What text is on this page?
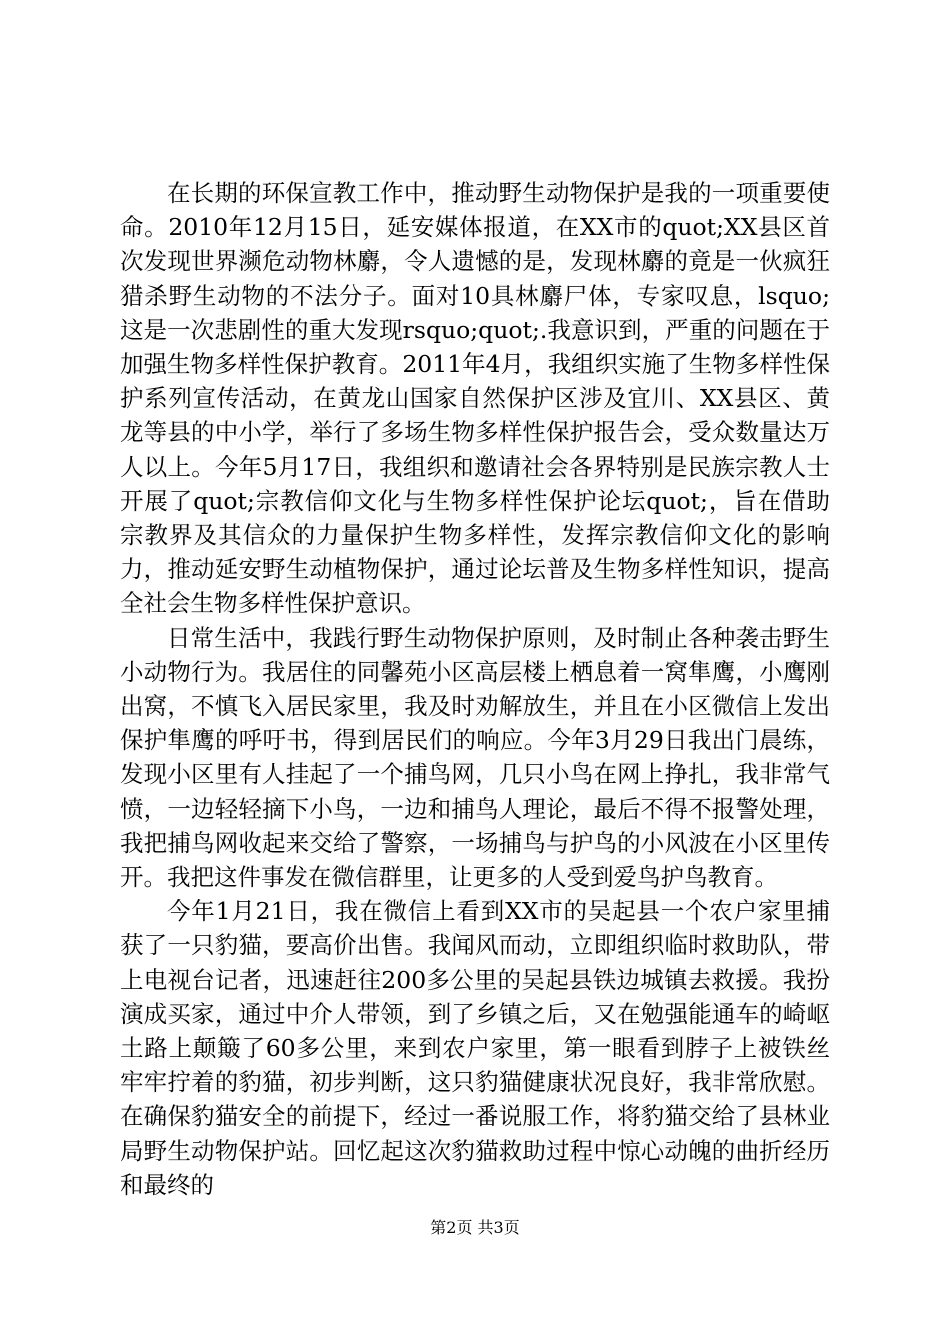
在长期的环保宣教工作中，推动野生动物保护是我的一项重要使命。2010年12月15日，延安媒体报道，在XX市的quot;XX县区首次发现世界濒危动物林麝，令人遗憾的是，发现林麝的竟是一伙疯狂猎杀野生动物的不法分子。面对10具林麝尸体，专家叹息，lsquo;这是一次悲剧性的重大发现rsquo;quot;.我意识到，严重的问题在于加强生物多样性保护教育。2011年4月，我组织实施了生物多样性保护系列宣传活动，在黄龙山国家自然保护区涉及宜川、XX县区、黄龙等县的中小学，举行了多场生物多样性保护报告会，受众数量达万人以上。今年5月17日，我组织和邀请社会各界特别是民族宗教人士开展了quot;宗教信仰文化与生物多样性保护论坛quot;，旨在借助宗教界及其信众的力量保护生物多样性，发挥宗教信仰文化的影响力，推动延安野生动植物保护，通过论坛普及生物多样性知识，提高全社会生物多样性保护意识。

日常生活中，我践行野生动物保护原则，及时制止各种袭击野生小动物行为。我居住的同馨苑小区高层楼上栖息着一窝隼鹰，小鹰刚出窝，不慎飞入居民家里，我及时劝解放生，并且在小区微信上发出保护隼鹰的呼吁书，得到居民们的响应。今年3月29日我出门晨练，发现小区里有人挂起了一个捕鸟网，几只小鸟在网上挣扎，我非常气愤，一边轻轻摘下小鸟，一边和捕鸟人理论，最后不得不报警处理，我把捕鸟网收起来交给了警察，一场捕鸟与护鸟的小风波在小区里传开。我把这件事发在微信群里，让更多的人受到爱鸟护鸟教育。

今年1月21日，我在微信上看到XX市的吴起县一个农户家里捕获了一只豹猫，要高价出售。我闻风而动，立即组织临时救助队，带上电视台记者，迅速赶往200多公里的吴起县铁边城镇去救援。我扮演成买家，通过中介人带领，到了乡镇之后，又在勉强能通车的崎岖土路上颠簸了60多公里，来到农户家里，第一眼看到脖子上被铁丝牢牢拧着的豹猫，初步判断，这只豹猫健康状况良好，我非常欣慰。在确保豹猫安全的前提下，经过一番说服工作，将豹猫交给了县林业局野生动物保护站。回忆起这次豹猫救助过程中惊心动魄的曲折经历和最终的

第2页 共3页
